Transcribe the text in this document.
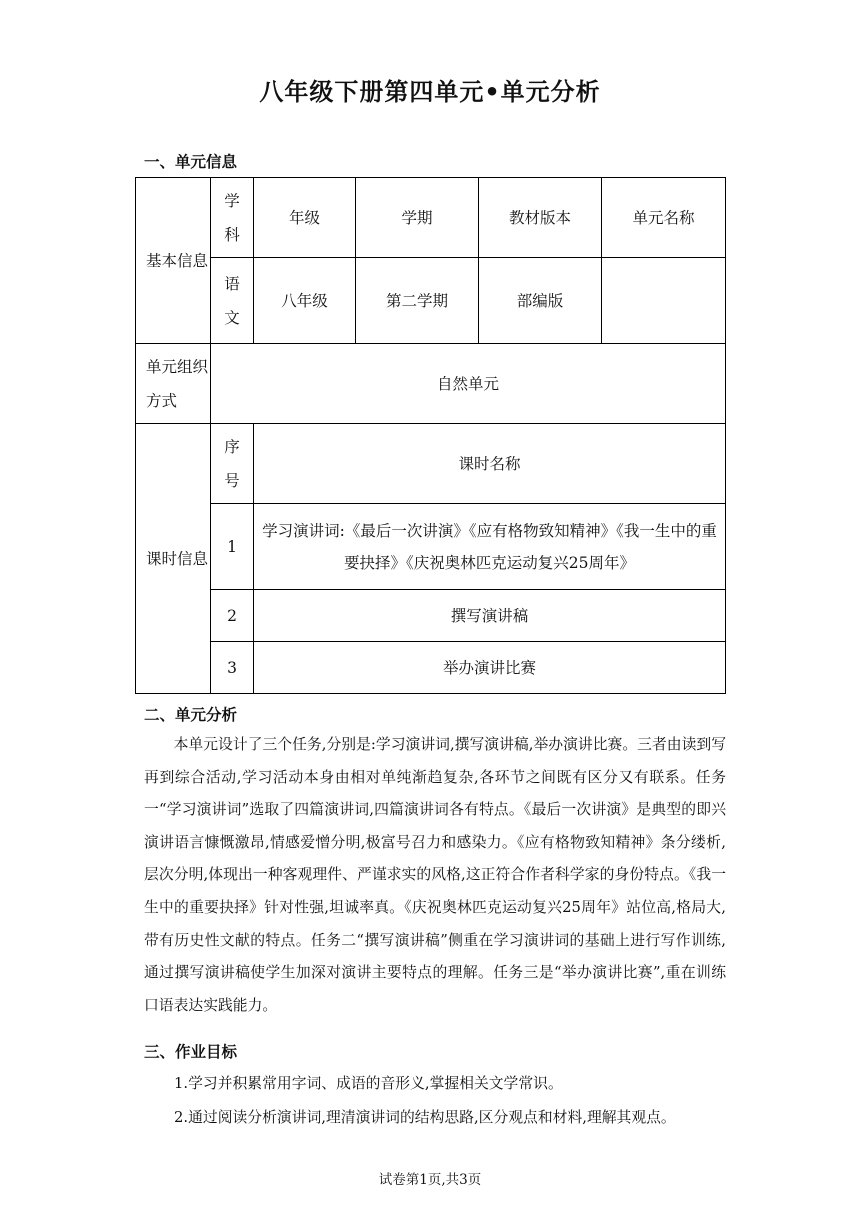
八年级下册第四单元•单元分析
一、单元信息
基本信息	学科	年级	学期	教材版本	单元名称
	语文	八年级	第二学期	部编版	

单元组织方式	自然单元				

课时信息	序号	课时名称			
	1	学习演讲词:《最后一次讲演》《应有格物致知精神》《我一生中的重要抉择》《庆祝奥林匹克运动复兴25周年》			
	2	撰写演讲稿			
	3	举办演讲比赛			
二、单元分析
本单元设计了三个任务,分别是:学习演讲词,撰写演讲稿,举办演讲比赛。三者由读到写再到综合活动,学习活动本身由相对单纯渐趋复杂,各环节之间既有区分又有联系。任务一“学习演讲词”选取了四篇演讲词,四篇演讲词各有特点。《最后一次讲演》是典型的即兴演讲语言慷慨激昂,情感爱憎分明,极富号召力和感染力。《应有格物致知精神》条分缕析,层次分明,体现出一种客观理件、严谨求实的风格,这正符合作者科学家的身份特点。《我一生中的重要抉择》针对性强,坦诚率真。《庆祝奥林匹克运动复兴25周年》站位高,格局大,带有历史性文献的特点。任务二“撰写演讲稿”侧重在学习演讲词的基础上进行写作训练,通过撰写演讲稿使学生加深对演讲主要特点的理解。任务三是“举办演讲比赛”,重在训练口语表达实践能力。
三、作业目标
1.学习并积累常用字词、成语的音形义,掌握相关文学常识。
2.通过阅读分析演讲词,理清演讲词的结构思路,区分观点和材料,理解其观点。
试卷第1页,共3页
